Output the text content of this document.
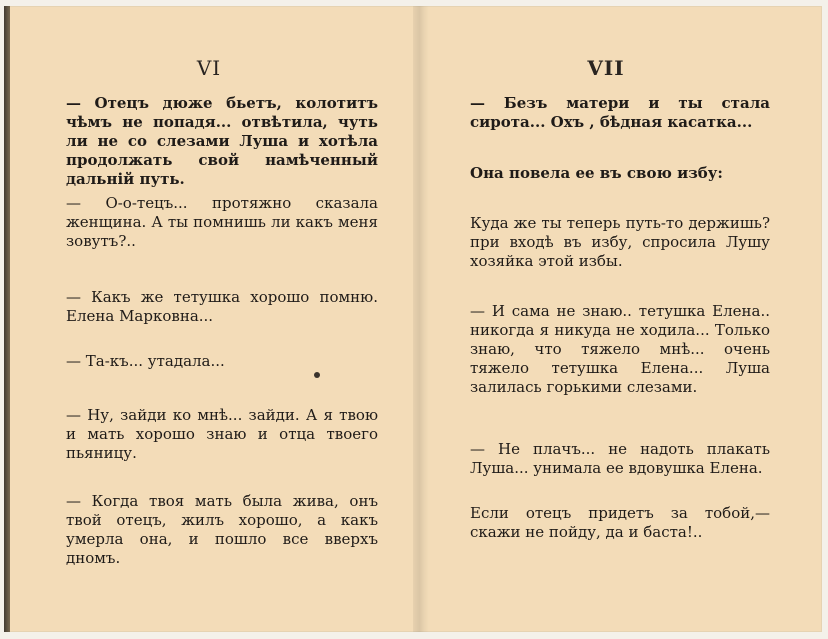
VI
— Отецъ дюже бьетъ, колотитъ чѣмъ не попадя... отвѣтила, чуть ли не со слезами Луша и хотѣла продолжать свой намѣченный дальній путь.
— О-о-тецъ... протяжно сказала женщина. А ты помнишь ли какъ меня зовутъ?..
— Какъ же тетушка хорошо помню. Елена Марковна...
— Та-къ... утадала...
— Ну, зайди ко мнѣ... зайди. А я твою и мать хорошо знаю и отца твоего пьяницу.
— Когда твоя мать была жива, онъ твой отецъ, жилъ хорошо, а какъ умерла она, и пошло все вверхъ дномъ.
VII
— Безъ матери и ты стала сирота... Охъ , бѣдная касатка...
Она повела ее въ свою избу:
Куда же ты теперь путь-то держишь? при входѣ въ избу, спросила Лушу хозяйка этой избы.
— И сама не знаю.. тетушка Елена.. никогда я никуда не ходила... Только знаю, что тяжело мнѣ... очень тяжело тетушка Елена... Луша залилась горькими слезами.
— Не плачъ... не надоть плакать Луша... унимала ее вдовушка Елена.
Если отецъ придетъ за тобой,—скажи не пойду, да и баста!..
